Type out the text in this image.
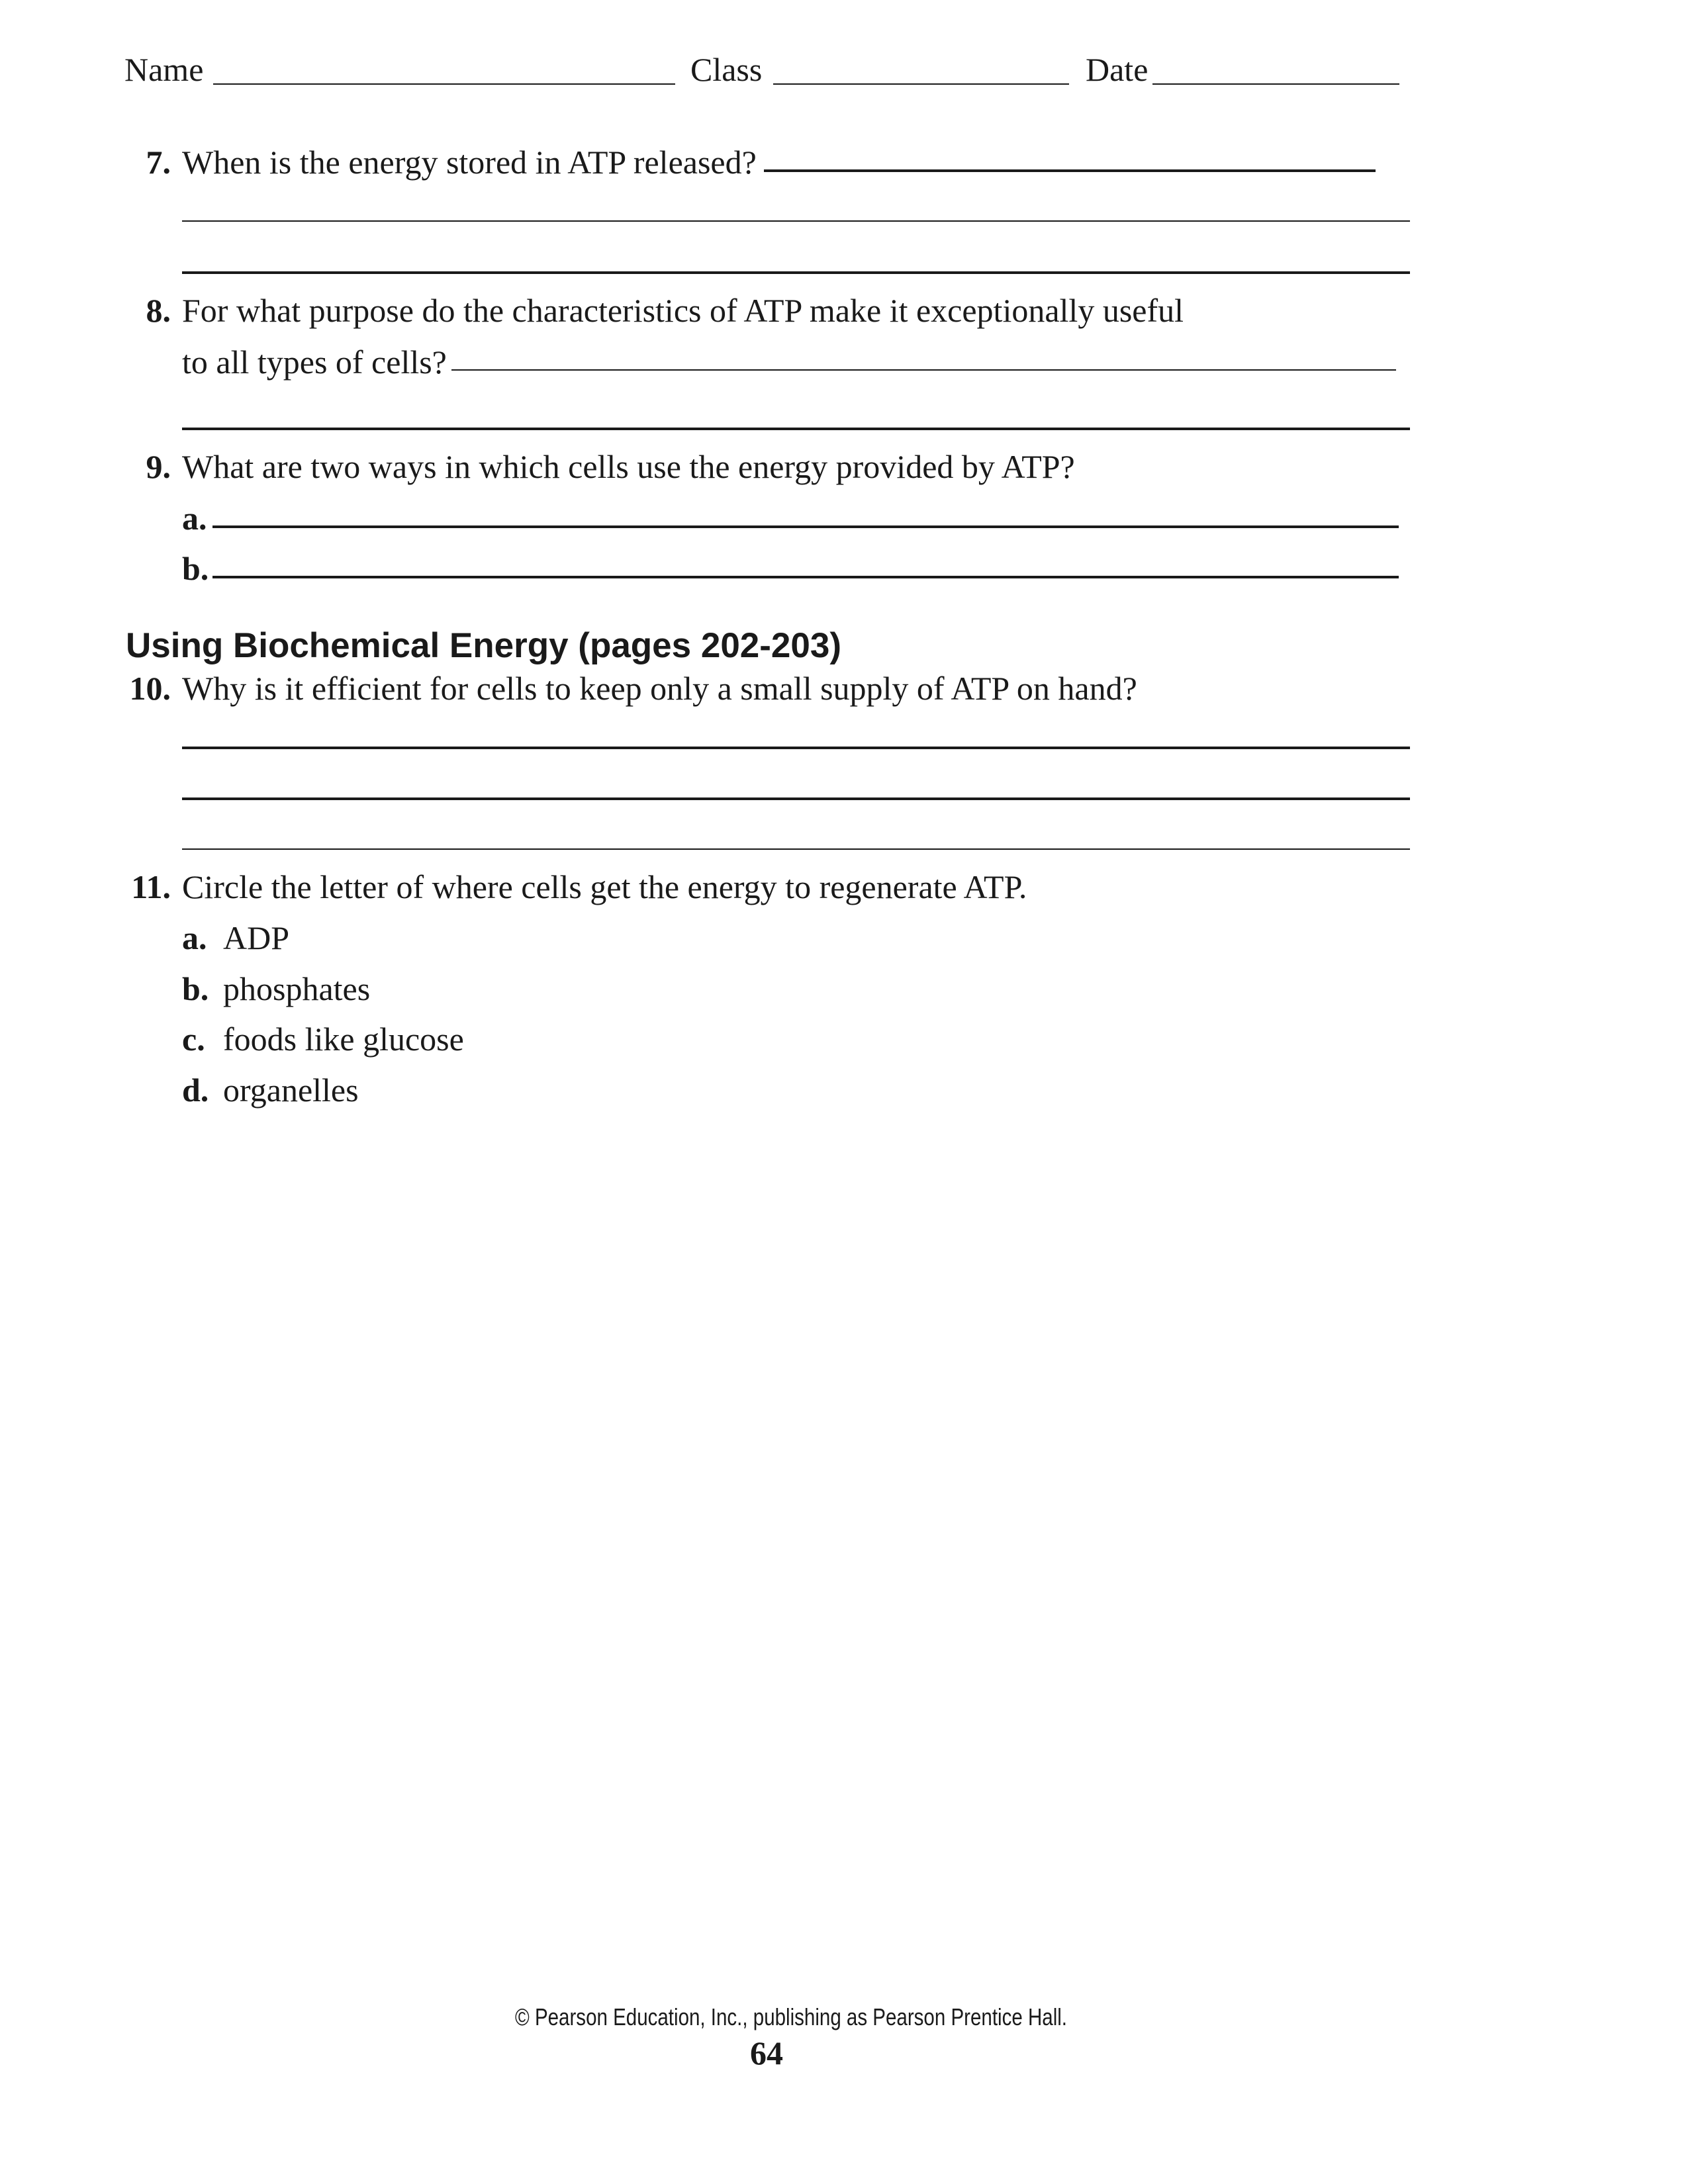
Name	Class	Date
7. When is the energy stored in ATP released?
8. For what purpose do the characteristics of ATP make it exceptionally useful
to all types of cells?
9. What are two ways in which cells use the energy provided by ATP?
a.
b.
Using Biochemical Energy (pages 202-203)
10. Why is it efficient for cells to keep only a small supply of ATP on hand?
11. Circle the letter of where cells get the energy to regenerate ATP.
a. ADP
b. phosphates
c. foods like glucose
d. organelles
© Pearson Education, Inc., publishing as Pearson Prentice Hall.
64
